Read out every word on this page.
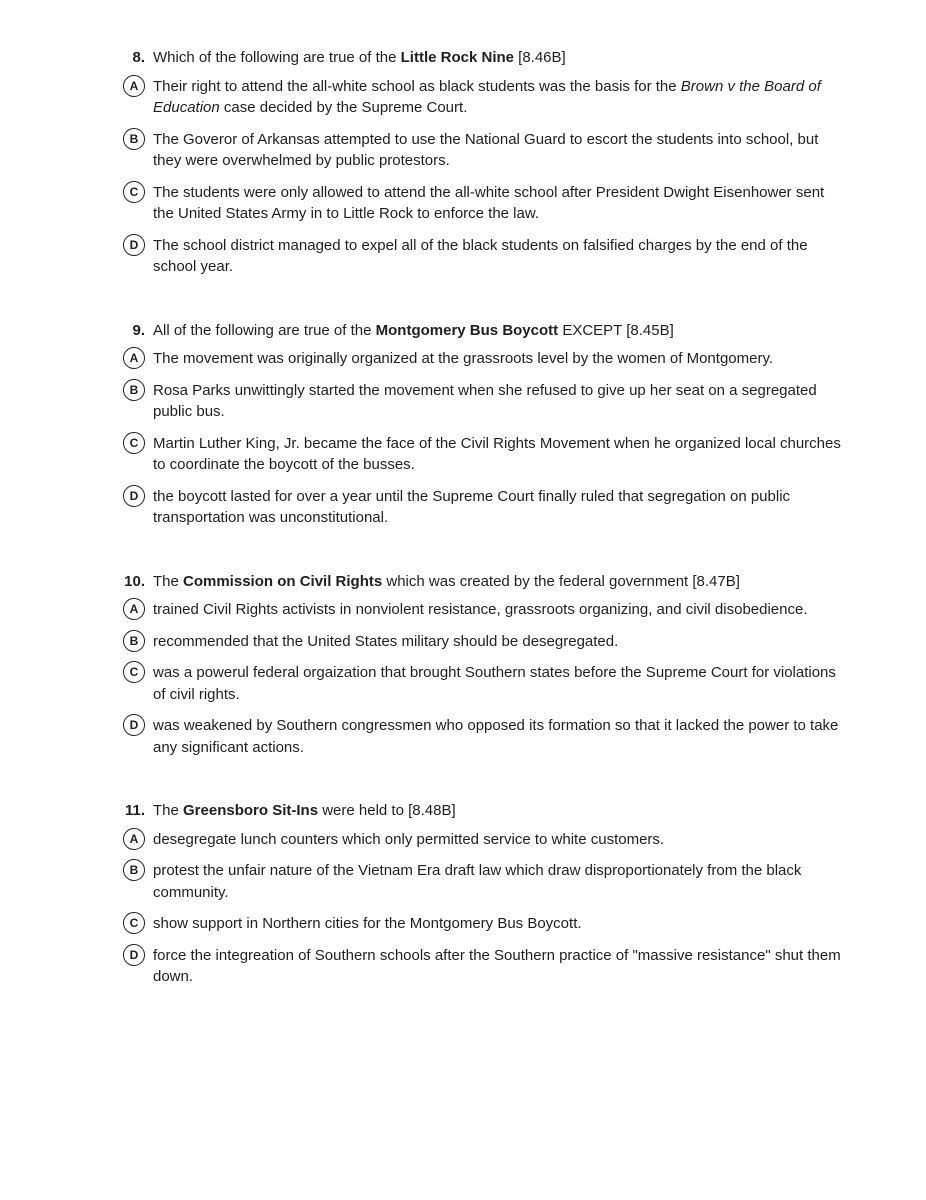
8. Which of the following are true of the Little Rock Nine [8.46B]
A Their right to attend the all-white school as black students was the basis for the Brown v the Board of Education case decided by the Supreme Court.
B The Goveror of Arkansas attempted to use the National Guard to escort the students into school, but they were overwhelmed by public protestors.
C The students were only allowed to attend the all-white school after President Dwight Eisenhower sent the United States Army in to Little Rock to enforce the law.
D The school district managed to expel all of the black students on falsified charges by the end of the school year.
9. All of the following are true of the Montgomery Bus Boycott EXCEPT [8.45B]
A The movement was originally organized at the grassroots level by the women of Montgomery.
B Rosa Parks unwittingly started the movement when she refused to give up her seat on a segregated public bus.
C Martin Luther King, Jr. became the face of the Civil Rights Movement when he organized local churches to coordinate the boycott of the busses.
D the boycott lasted for over a year until the Supreme Court finally ruled that segregation on public transportation was unconstitutional.
10. The Commission on Civil Rights which was created by the federal government [8.47B]
A trained Civil Rights activists in nonviolent resistance, grassroots organizing, and civil disobedience.
B recommended that the United States military should be desegregated.
C was a powerul federal orgaization that brought Southern states before the Supreme Court for violations of civil rights.
D was weakened by Southern congressmen who opposed its formation so that it lacked the power to take any significant actions.
11. The Greensboro Sit-Ins were held to [8.48B]
A desegregate lunch counters which only permitted service to white customers.
B protest the unfair nature of the Vietnam Era draft law which draw disproportionately from the black community.
C show support in Northern cities for the Montgomery Bus Boycott.
D force the integreation of Southern schools after the Southern practice of "massive resistance" shut them down.
